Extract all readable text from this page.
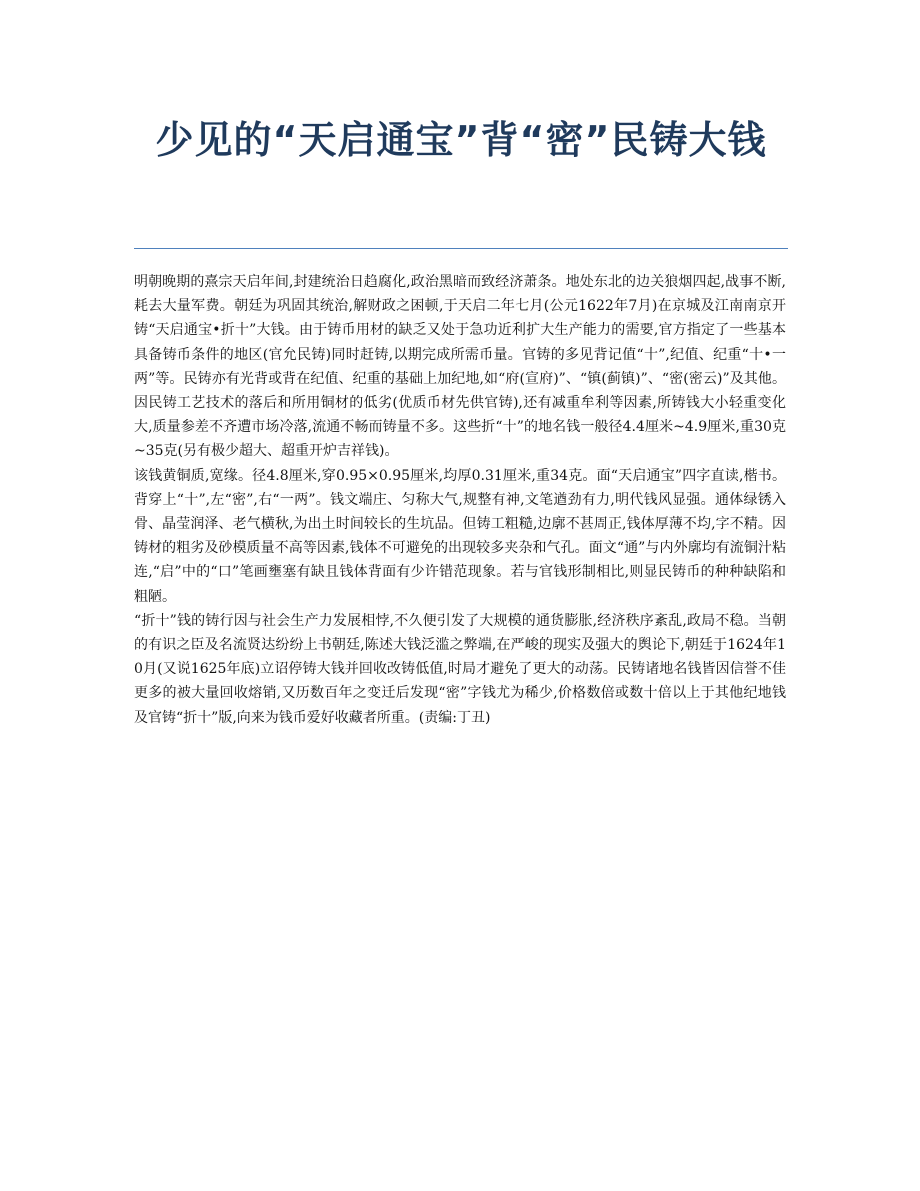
少见的“天启通宝”背“密”民铸大钱

明朝晚期的熹宗天启年间,封建统治日趋腐化,政治黑暗而致经济萧条。地处东北的边关狼烟四起,战事不断,耗去大量军费。朝廷为巩固其统治,解财政之困顿,于天启二年七月(公元1622年7月)在京城及江南南京开铸“天启通宝•折十”大钱。由于铸币用材的缺乏又处于急功近利扩大生产能力的需要,官方指定了一些基本具备铸币条件的地区(官允民铸)同时赶铸,以期完成所需币量。官铸的多见背记值“十”,纪值、纪重“十•一两”等。民铸亦有光背或背在纪值、纪重的基础上加纪地,如“府(宣府)”、“镇(蓟镇)”、“密(密云)”及其他。因民铸工艺技术的落后和所用铜材的低劣(优质币材先供官铸),还有减重牟利等因素,所铸钱大小轻重变化大,质量参差不齐遭市场冷落,流通不畅而铸量不多。这些折“十”的地名钱一般径4.4厘米~4.9厘米,重30克~35克(另有极少超大、超重开炉吉祥钱)。

该钱黄铜质,宽缘。径4.8厘米,穿0.95×0.95厘米,均厚0.31厘米,重34克。面“天启通宝”四字直读,楷书。背穿上“十”,左“密”,右“一两”。钱文端庄、匀称大气,规整有神,文笔遒劲有力,明代钱风显强。通体绿锈入骨、晶莹润泽、老气横秋,为出土时间较长的生坑品。但铸工粗糙,边廓不甚周正,钱体厚薄不均,字不精。因铸材的粗劣及砂模质量不高等因素,钱体不可避免的出现较多夹杂和气孔。面文“通”与内外廓均有流铜汁粘连,“启”中的“口”笔画壅塞有缺且钱体背面有少许错范现象。若与官钱形制相比,则显民铸币的种种缺陷和粗陋。

“折十”钱的铸行因与社会生产力发展相悖,不久便引发了大规模的通货膨胀,经济秩序紊乱,政局不稳。当朝的有识之臣及名流贤达纷纷上书朝廷,陈述大钱泛滥之弊端,在严峻的现实及强大的舆论下,朝廷于1624年10月(又说1625年底)立诏停铸大钱并回收改铸低值,时局才避免了更大的动荡。民铸诸地名钱皆因信誉不佳更多的被大量回收熔销,又历数百年之变迁后发现“密”字钱尤为稀少,价格数倍或数十倍以上于其他纪地钱及官铸“折十”版,向来为钱币爱好收藏者所重。(责编:丁丑)
